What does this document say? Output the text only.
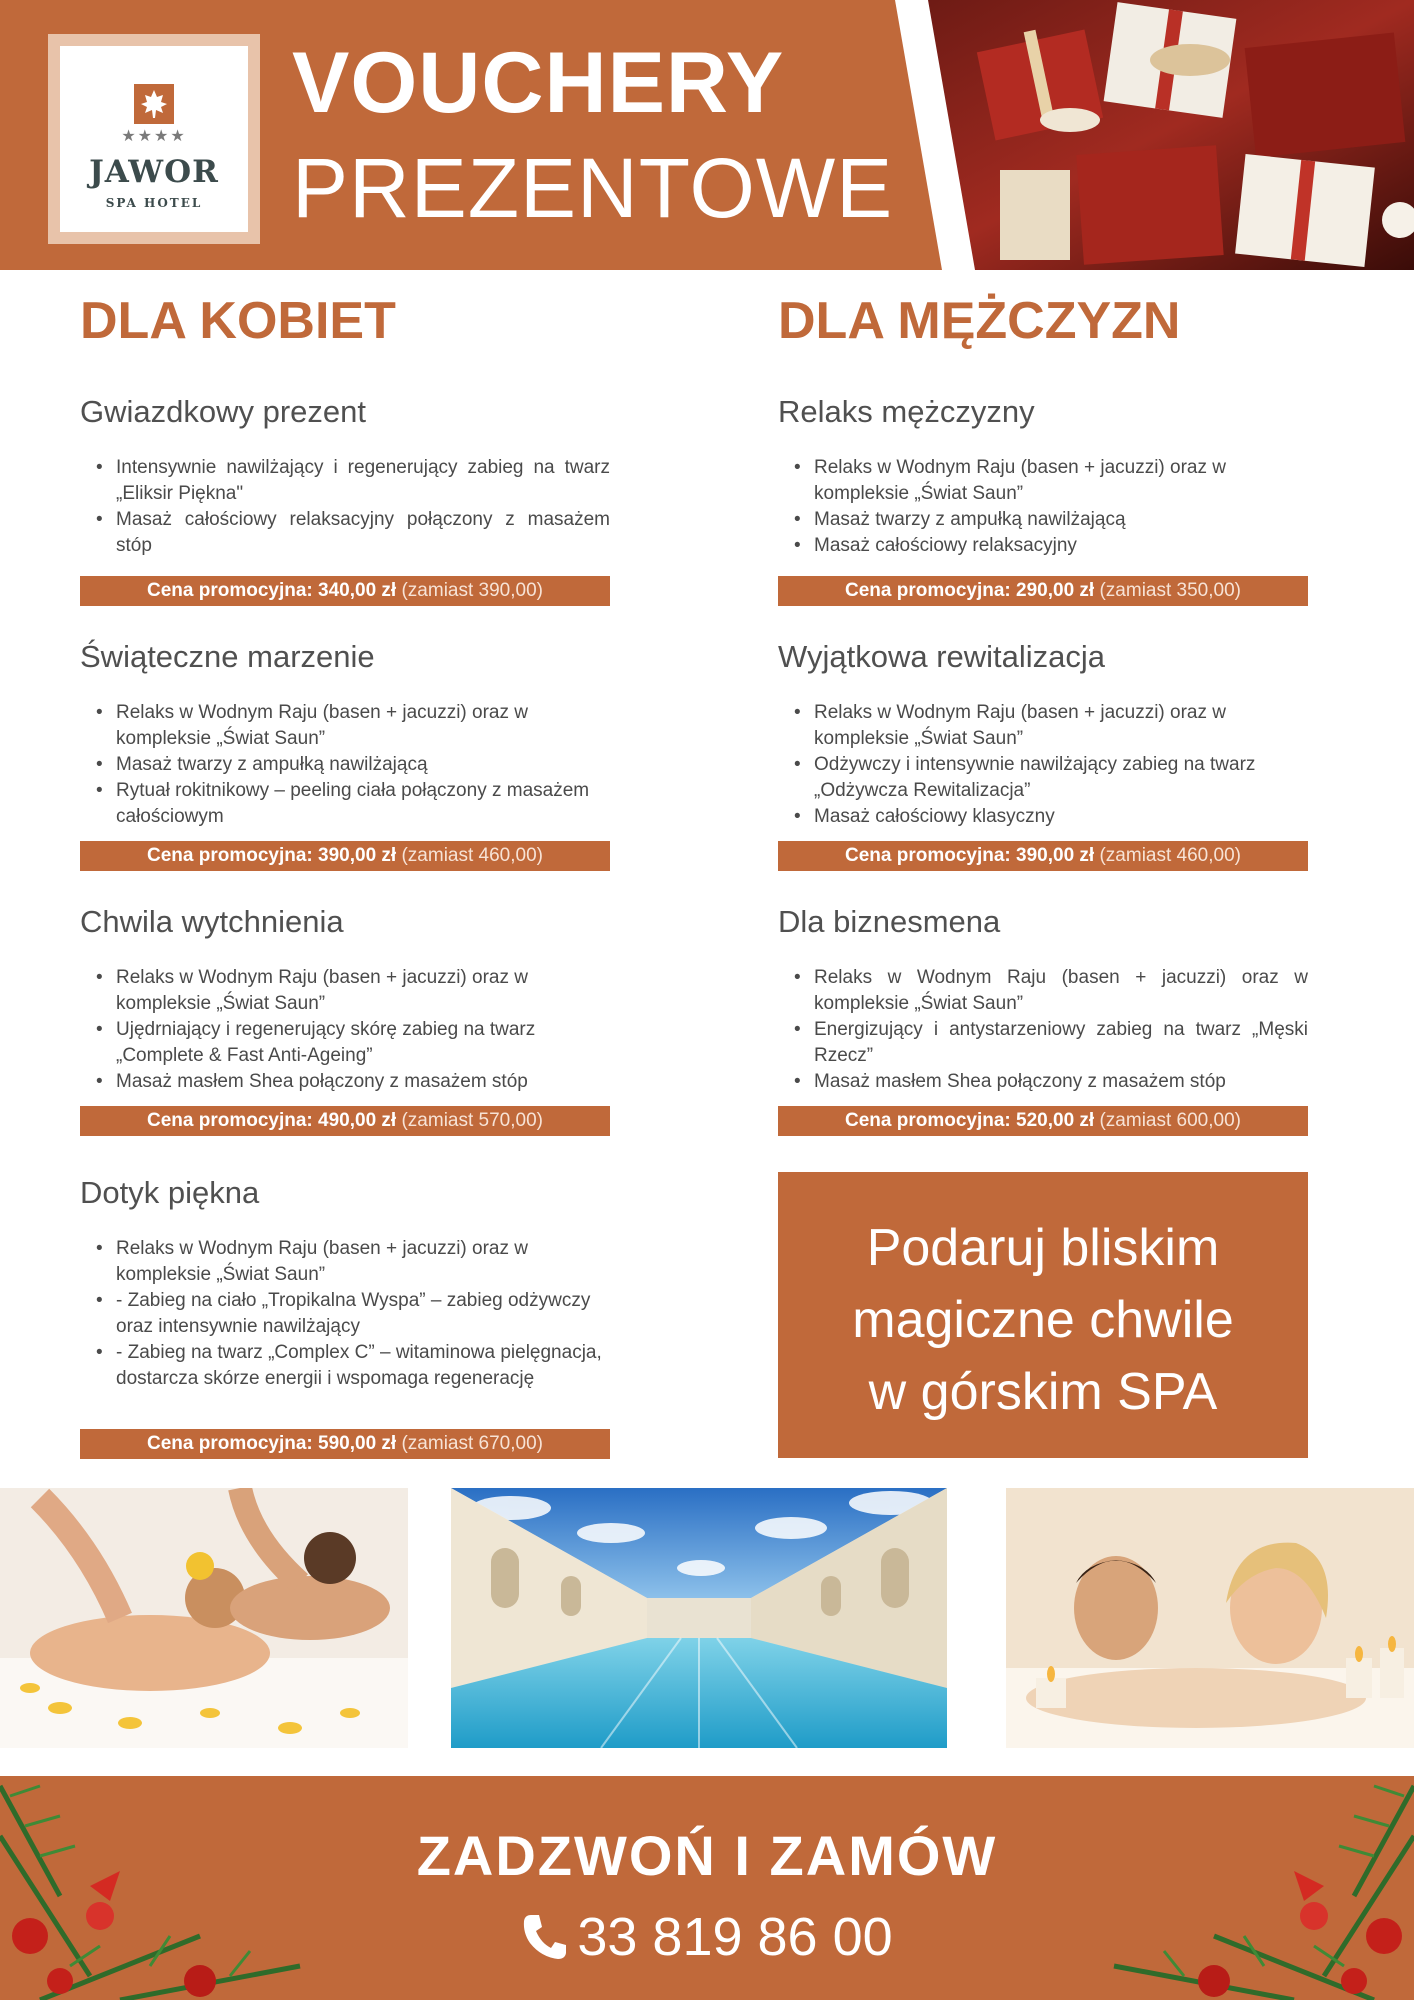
★★★★
JAWOR
SPA HOTEL
VOUCHERY
PREZENTOWE
DLA KOBIET	DLA MĘŻCZYZN
Gwiazdkowy prezent
• Intensywnie nawilżający i regenerujący zabieg na twarz „Eliksir Piękna"
• Masaż całościowy relaksacyjny połączony z masażem stóp
Cena promocyjna: 340,00 zł (zamiast 390,00)
Świąteczne marzenie
• Relaks w Wodnym Raju (basen + jacuzzi) oraz w kompleksie „Świat Saun”
• Masaż twarzy z ampułką nawilżającą
• Rytuał rokitnikowy – peeling ciała połączony z masażem całościowym
Cena promocyjna: 390,00 zł (zamiast 460,00)
Chwila wytchnienia
• Relaks w Wodnym Raju (basen + jacuzzi) oraz w kompleksie „Świat Saun”
• Ujędrniający i regenerujący skórę zabieg na twarz „Complete & Fast Anti-Ageing”
• Masaż masłem Shea połączony z masażem stóp
Cena promocyjna: 490,00 zł (zamiast 570,00)
Dotyk piękna
• Relaks w Wodnym Raju (basen + jacuzzi) oraz w kompleksie „Świat Saun”
• - Zabieg na ciało „Tropikalna Wyspa” – zabieg odżywczy oraz intensywnie nawilżający
• - Zabieg na twarz „Complex C” – witaminowa pielęgnacja, dostarcza skórze energii i wspomaga regenerację
Cena promocyjna: 590,00 zł (zamiast 670,00)
Relaks mężczyzny
• Relaks w Wodnym Raju (basen + jacuzzi) oraz w kompleksie „Świat Saun”
• Masaż twarzy z ampułką nawilżającą
• Masaż całościowy relaksacyjny
Cena promocyjna: 290,00 zł (zamiast 350,00)
Wyjątkowa rewitalizacja
• Relaks w Wodnym Raju (basen + jacuzzi) oraz w kompleksie „Świat Saun”
• Odżywczy i intensywnie nawilżający zabieg na twarz „Odżywcza Rewitalizacja”
• Masaż całościowy klasyczny
Cena promocyjna: 390,00 zł (zamiast 460,00)
Dla biznesmena
• Relaks w Wodnym Raju (basen + jacuzzi) oraz w kompleksie „Świat Saun”
• Energizujący i antystarzeniowy zabieg na twarz „Męski Rzecz”
• Masaż masłem Shea połączony z masażem stóp
Cena promocyjna: 520,00 zł (zamiast 600,00)
Podaruj bliskim
magiczne chwile
w górskim SPA
ZADZWOŃ I ZAMÓW
33 819 86 00
